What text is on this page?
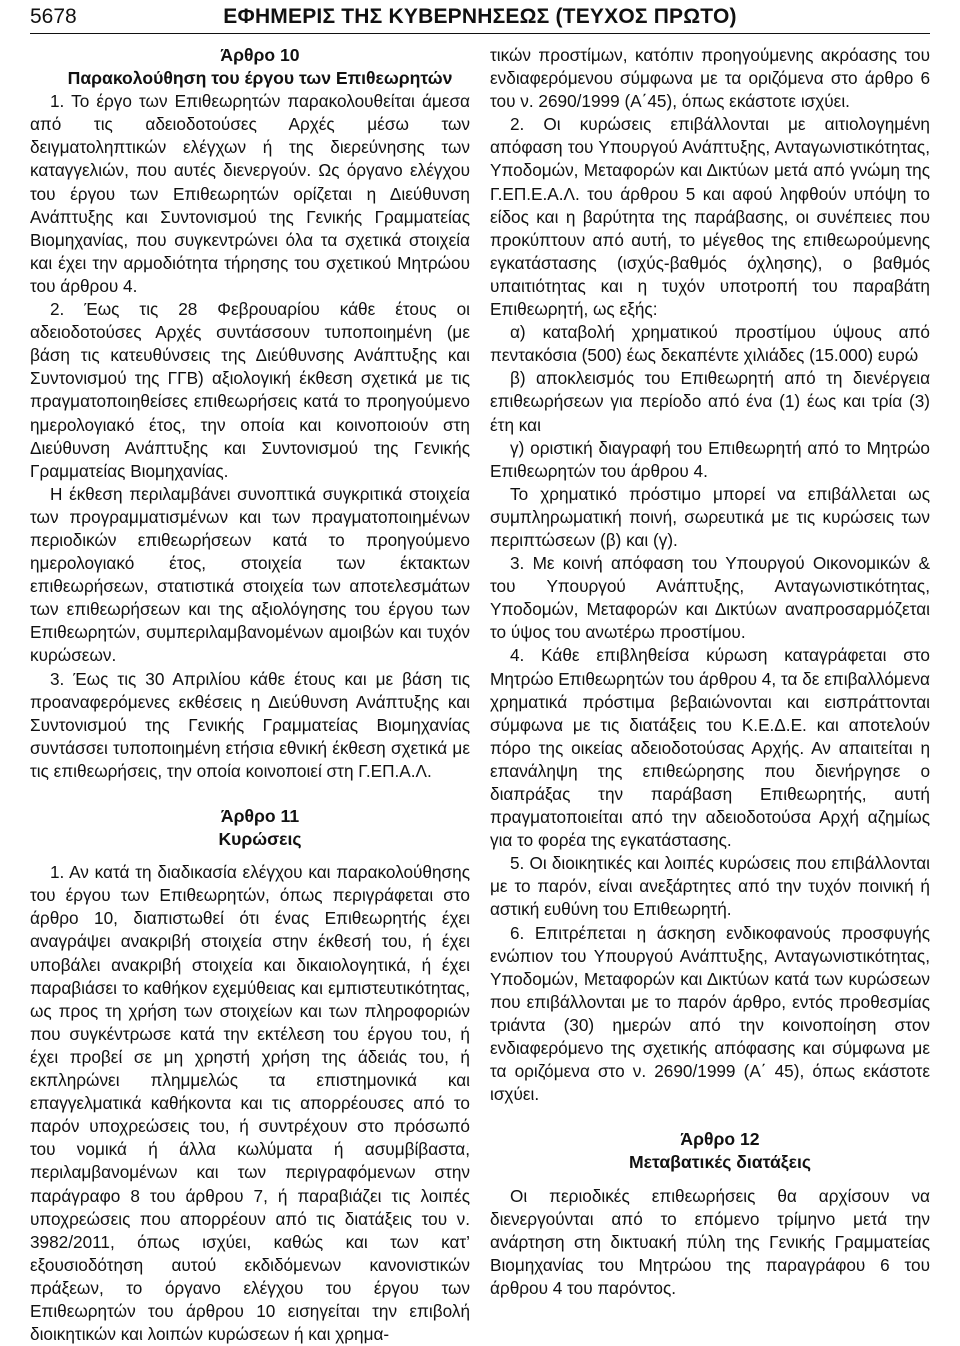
5678	ΕΦΗΜΕΡΙΣ ΤΗΣ ΚΥΒΕΡΝΗΣΕΩΣ (ΤΕΥΧΟΣ ΠΡΩΤΟ)

Άρθρο 10

Παρακολούθηση του έργου των Επιθεωρητών

1. Το έργο των Επιθεωρητών παρακολουθείται άμεσα από τις αδειοδοτούσες Αρχές μέσω των δειγματοληπτικών ελέγχων ή της διερεύνησης των καταγγελιών, που αυτές διενεργούν. Ως όργανο ελέγχου του έργου των Επιθεωρητών ορίζεται η Διεύθυνση Ανάπτυξης και Συντονισμού της Γενικής Γραμματείας Βιομηχανίας, που συγκεντρώνει όλα τα σχετικά στοιχεία και έχει την αρμοδιότητα τήρησης του σχετικού Μητρώου του άρθρου 4.

2. Έως τις 28 Φεβρουαρίου κάθε έτους οι αδειοδοτούσες Αρχές συντάσσουν τυποποιημένη (με βάση τις κατευθύνσεις της Διεύθυνσης Ανάπτυξης και Συντονισμού της ΓΓΒ) αξιολογική έκθεση σχετικά με τις πραγματοποιηθείσες επιθεωρήσεις κατά το προηγούμενο ημερολογιακό έτος, την οποία και κοινοποιούν στη Διεύθυνση Ανάπτυξης και Συντονισμού της Γενικής Γραμματείας Βιομηχανίας.

Η έκθεση περιλαμβάνει συνοπτικά συγκριτικά στοιχεία των προγραμματισμένων και των πραγματοποιημένων περιοδικών επιθεωρήσεων κατά το προηγούμενο ημερολογιακό έτος, στοιχεία των έκτακτων επιθεωρήσεων, στατιστικά στοιχεία των αποτελεσμάτων των επιθεωρήσεων και της αξιολόγησης του έργου των Επιθεωρητών, συμπεριλαμβανομένων αμοιβών και τυχόν κυρώσεων.

3. Έως τις 30 Απριλίου κάθε έτους και με βάση τις προαναφερόμενες εκθέσεις η Διεύθυνση Ανάπτυξης και Συντονισμού της Γενικής Γραμματείας Βιομηχανίας συντάσσει τυποποιημένη ετήσια εθνική έκθεση σχετικά με τις επιθεωρήσεις, την οποία κοινοποιεί στη Γ.ΕΠ.Α.Λ.

Άρθρο 11

Κυρώσεις

1. Αν κατά τη διαδικασία ελέγχου και παρακολούθησης του έργου των Επιθεωρητών, όπως περιγράφεται στο άρθρο 10, διαπιστωθεί ότι ένας Επιθεωρητής έχει αναγράψει ανακριβή στοιχεία στην έκθεσή του, ή έχει υποβάλει ανακριβή στοιχεία και δικαιολογητικά, ή έχει παραβιάσει το καθήκον εχεμύθειας και εμπιστευτικότητας, ως προς τη χρήση των στοιχείων και των πληροφοριών που συγκέντρωσε κατά την εκτέλεση του έργου του, ή έχει προβεί σε μη χρηστή χρήση της άδειάς του, ή εκπληρώνει πλημμελώς τα επιστημονικά και επαγγελματικά καθήκοντα και τις απορρέουσες από το παρόν υποχρεώσεις του, ή συντρέχουν στο πρόσωπό του νομικά ή άλλα κωλύματα ή ασυμβίβαστα, περιλαμβανομένων και των περιγραφόμενων στην παράγραφο 8 του άρθρου 7, ή παραβιάζει τις λοιπές υποχρεώσεις που απορρέουν από τις διατάξεις του ν. 3982/2011, όπως ισχύει, καθώς και των κατ’ εξουσιοδότηση αυτού εκδιδόμενων κανονιστικών πράξεων, το όργανο ελέγχου του έργου των Επιθεωρητών του άρθρου 10 εισηγείται την επιβολή διοικητικών και λοιπών κυρώσεων ή και χρημα-

τικών προστίμων, κατόπιν προηγούμενης ακρόασης του ενδιαφερόμενου σύμφωνα με τα οριζόμενα στο άρθρο 6 του ν. 2690/1999 (Α΄45), όπως εκάστοτε ισχύει.

2. Οι κυρώσεις επιβάλλονται με αιτιολογημένη απόφαση του Υπουργού Ανάπτυξης, Ανταγωνιστικότητας, Υποδομών, Μεταφορών και Δικτύων μετά από γνώμη της Γ.ΕΠ.Ε.Α.Λ. του άρθρου 5 και αφού ληφθούν υπόψη το είδος και η βαρύτητα της παράβασης, οι συνέπειες που προκύπτουν από αυτή, το μέγεθος της επιθεωρούμενης εγκατάστασης (ισχύς-βαθμός όχλησης), ο βαθμός υπαιτιότητας και η τυχόν υποτροπή του παραβάτη Επιθεωρητή, ως εξής:

α) καταβολή χρηματικού προστίμου ύψους από πεντακόσια (500) έως δεκαπέντε χιλιάδες (15.000) ευρώ

β) αποκλεισμός του Επιθεωρητή από τη διενέργεια επιθεωρήσεων για περίοδο από ένα (1) έως και τρία (3) έτη και

γ) οριστική διαγραφή του Επιθεωρητή από το Μητρώο Επιθεωρητών του άρθρου 4.

Το χρηματικό πρόστιμο μπορεί να επιβάλλεται ως συμπληρωματική ποινή, σωρευτικά με τις κυρώσεις των περιπτώσεων (β) και (γ).

3. Με κοινή απόφαση του Υπουργού Οικονομικών & του Υπουργού Ανάπτυξης, Ανταγωνιστικότητας, Υποδομών, Μεταφορών και Δικτύων αναπροσαρμόζεται το ύψος του ανωτέρω προστίμου.

4. Κάθε επιβληθείσα κύρωση καταγράφεται στο Μητρώο Επιθεωρητών του άρθρου 4, τα δε επιβαλλόμενα χρηματικά πρόστιμα βεβαιώνονται και εισπράττονται σύμφωνα με τις διατάξεις του Κ.Ε.Δ.Ε. και αποτελούν πόρο της οικείας αδειοδοτούσας Αρχής. Αν απαιτείται η επανάληψη της επιθεώρησης που διενήργησε ο διαπράξας την παράβαση Επιθεωρητής, αυτή πραγματοποιείται από την αδειοδοτούσα Αρχή αζημίως για το φορέα της εγκατάστασης.

5. Οι διοικητικές και λοιπές κυρώσεις που επιβάλλονται με το παρόν, είναι ανεξάρτητες από την τυχόν ποινική ή αστική ευθύνη του Επιθεωρητή.

6. Επιτρέπεται η άσκηση ενδικοφανούς προσφυγής ενώπιον του Υπουργού Ανάπτυξης, Ανταγωνιστικότητας, Υποδομών, Μεταφορών και Δικτύων κατά των κυρώσεων που επιβάλλονται με το παρόν άρθρο, εντός προθεσμίας τριάντα (30) ημερών από την κοινοποίηση στον ενδιαφερόμενο της σχετικής απόφασης και σύμφωνα με τα οριζόμενα στο ν. 2690/1999 (Α΄ 45), όπως εκάστοτε ισχύει.

Άρθρο 12

Μεταβατικές διατάξεις

Οι περιοδικές επιθεωρήσεις θα αρχίσουν να διενεργούνται από το επόμενο τρίμηνο μετά την ανάρτηση στη δικτυακή πύλη της Γενικής Γραμματείας Βιομηχανίας του Μητρώου της παραγράφου 6 του άρθρου 4 του παρόντος.
